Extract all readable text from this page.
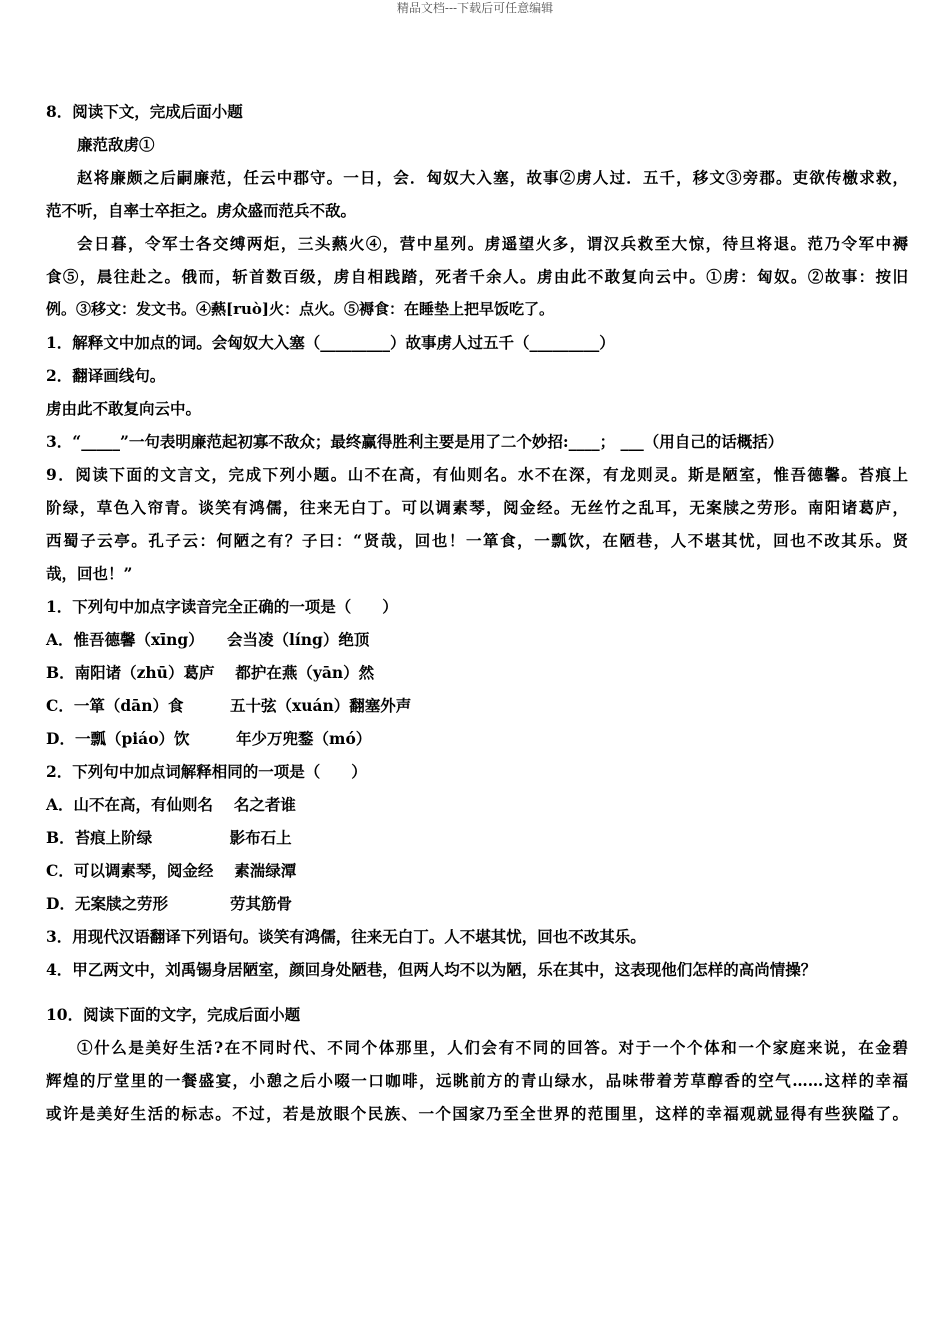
精品文档---下载后可任意编辑
8．阅读下文，完成后面小题
廉范敌虏①
赵将廉颇之后嗣廉范，任云中郡守。一日，会．匈奴大入塞，故事②虏人过．五千，移文③旁郡。吏欲传檄求救，
范不听，自率士卒拒之。虏众盛而范兵不敌。
会日暮，令军士各交缚两炬，三头爇火④，营中星列。虏遥望火多，谓汉兵救至大惊，待旦将退。范乃令军中褥
食⑤，晨往赴之。俄而，斩首数百级，虏自相践踏，死者千余人。虏由此不敢复向云中。①虏：匈奴。②故事：按旧
例。③移文：发文书。④爇[ruò]火：点火。⑤褥食：在睡垫上把早饭吃了。
1．解释文中加点的词。会匈奴大入塞（_________）故事虏人过五千（_________）
2．翻译画线句。
虏由此不敢复向云中。
3．“_____”一句表明廉范起初寡不敌众；最终赢得胜利主要是用了二个妙招:____； ___（用自己的话概括）
9．阅读下面的文言文，完成下列小题。山不在高，有仙则名。水不在深，有龙则灵。斯是陋室，惟吾德馨。苔痕上
阶绿，草色入帘青。谈笑有鸿儒，往来无白丁。可以调素琴，阅金经。无丝竹之乱耳，无案牍之劳形。南阳诸葛庐，
西蜀子云亭。孔子云：何陋之有？子曰：“贤哉，回也！一箪食，一瓢饮，在陋巷，人不堪其忧，回也不改其乐。贤
哉，回也！”
1．下列句中加点字读音完全正确的一项是（　　）
A．惟吾德馨（xīng）　　会当凌（líng）绝顶
B．南阳诸（zhū）葛庐　 都护在燕（yān）然
C．一箪（dān）食　　　五十弦（xuán）翻塞外声
D．一瓢（piáo）饮　　　年少万兜鍪（mó）
2．下列句中加点词解释相同的一项是（　　）
A．山不在高，有仙则名　 名之者谁
B．苔痕上阶绿　　　　　影布石上
C．可以调素琴，阅金经　 素湍绿潭
D．无案牍之劳形　　　　劳其筋骨
3．用现代汉语翻译下列语句。谈笑有鸿儒，往来无白丁。人不堪其忧，回也不改其乐。
4．甲乙两文中，刘禹锡身居陋室，颜回身处陋巷，但两人均不以为陋，乐在其中，这表现他们怎样的高尚情操？
10．阅读下面的文字，完成后面小题
①什么是美好生活?在不同时代、不同个体那里，人们会有不同的回答。对于一个个体和一个家庭来说，在金碧
辉煌的厅堂里的一餐盛宴，小憩之后小啜一口咖啡，远眺前方的青山绿水，品味带着芳草醇香的空气……这样的幸福
或许是美好生活的标志。不过，若是放眼个民族、一个国家乃至全世界的范围里，这样的幸福观就显得有些狭隘了。
